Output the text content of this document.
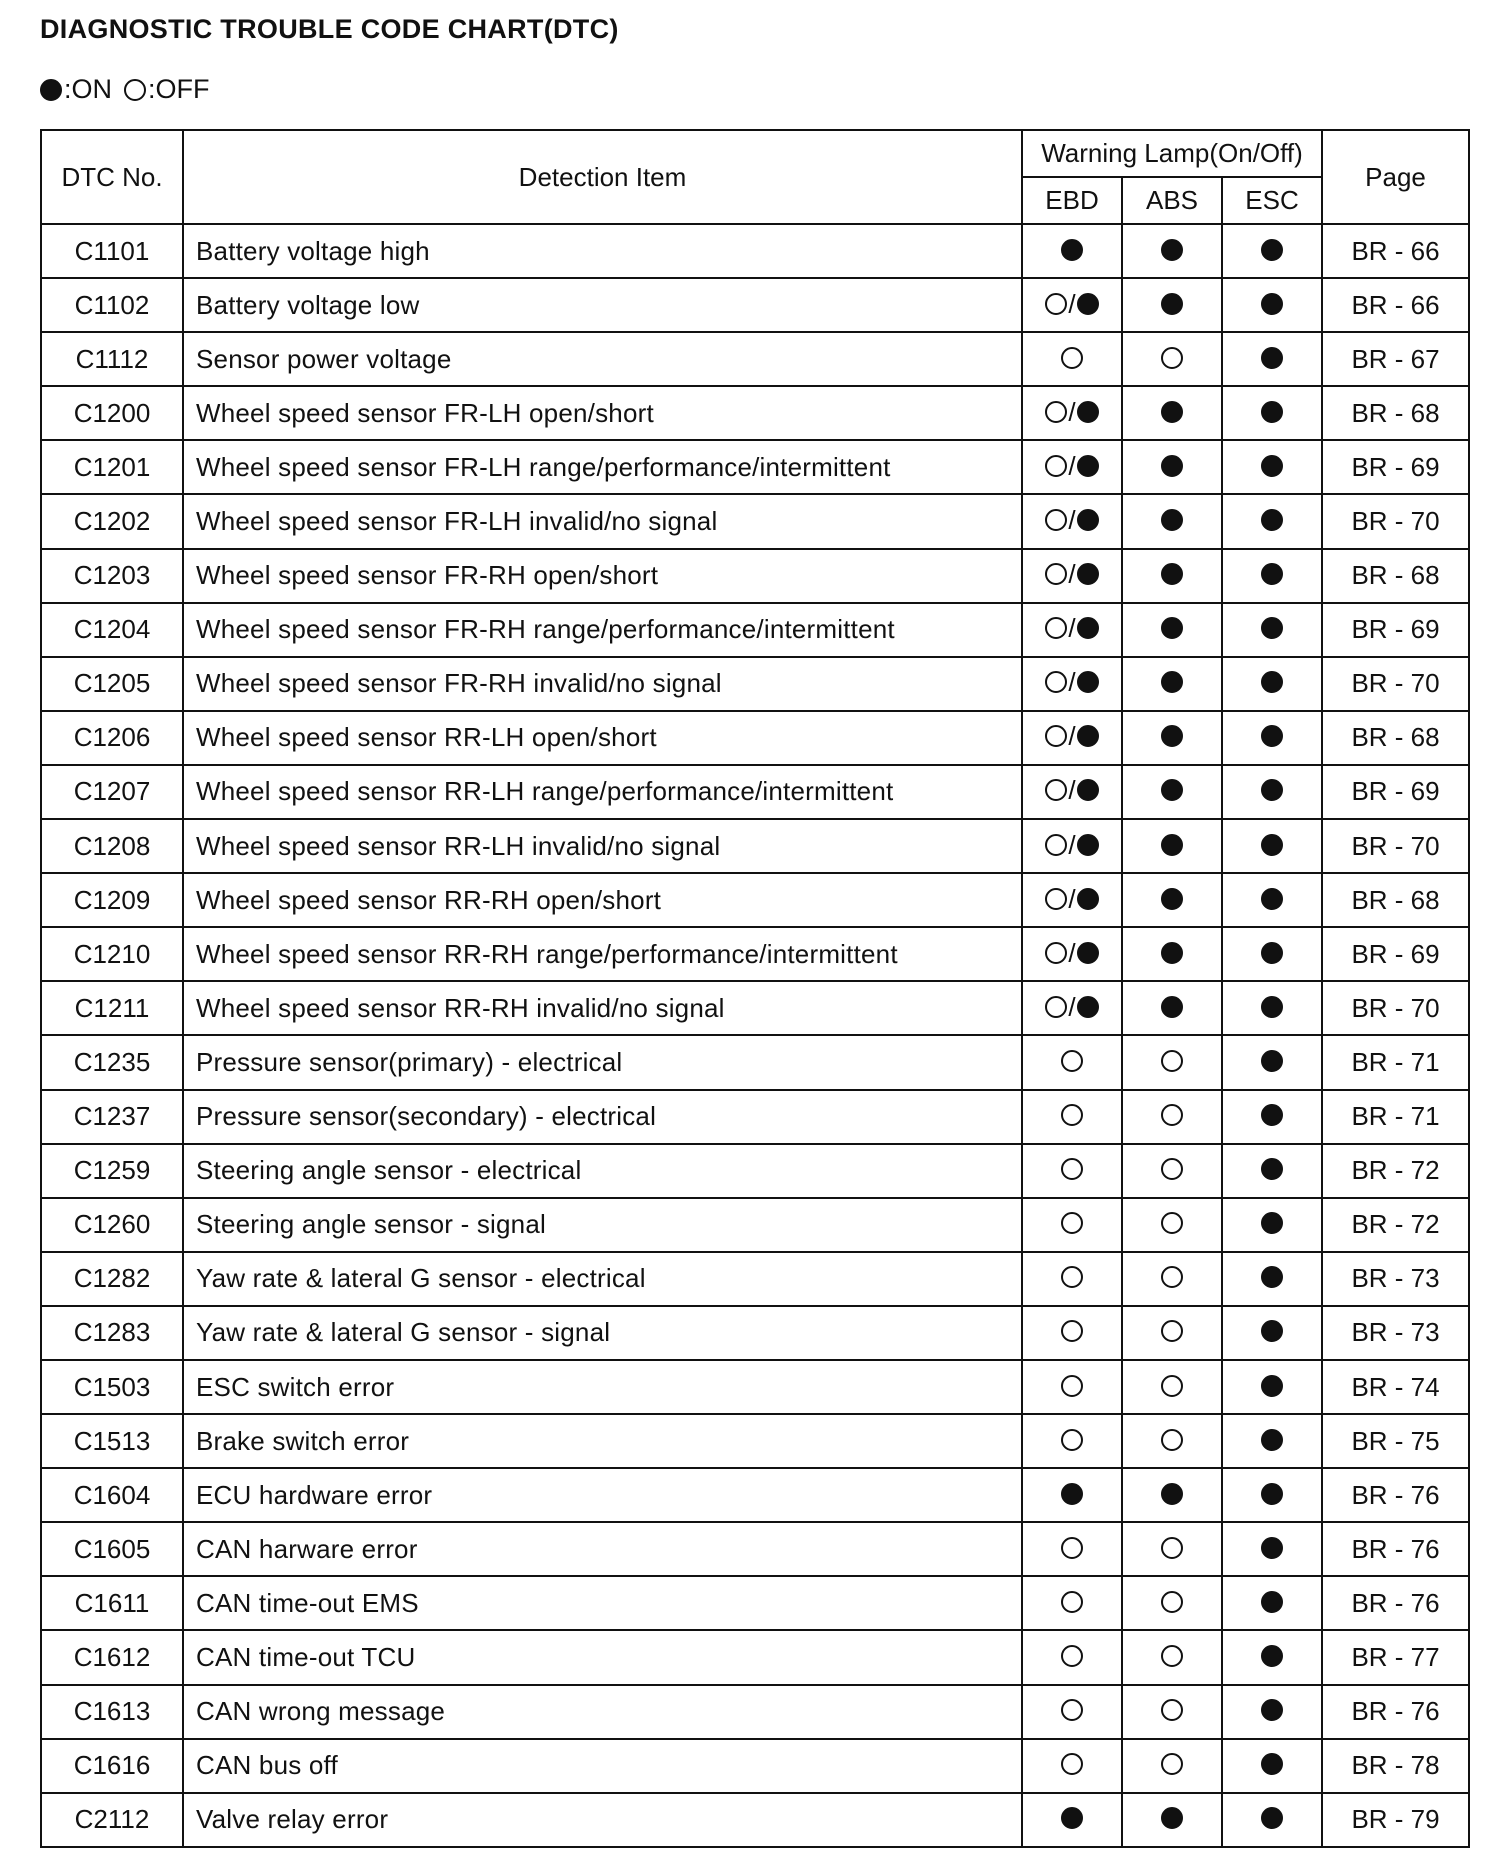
DIAGNOSTIC TROUBLE CODE CHART(DTC)
:ON :OFF
DTC No.	Detection Item	Warning Lamp(On/Off)			Page
		EBD	ABS	ESC	
C1101	Battery voltage high				BR - 66
C1102	Battery voltage low	/			BR - 66
C1112	Sensor power voltage				BR - 67
C1200	Wheel speed sensor FR-LH open/short	/			BR - 68
C1201	Wheel speed sensor FR-LH range/performance/intermittent	/			BR - 69
C1202	Wheel speed sensor FR-LH invalid/no signal	/			BR - 70
C1203	Wheel speed sensor FR-RH open/short	/			BR - 68
C1204	Wheel speed sensor FR-RH range/performance/intermittent	/			BR - 69
C1205	Wheel speed sensor FR-RH invalid/no signal	/			BR - 70
C1206	Wheel speed sensor RR-LH open/short	/			BR - 68
C1207	Wheel speed sensor RR-LH range/performance/intermittent	/			BR - 69
C1208	Wheel speed sensor RR-LH invalid/no signal	/			BR - 70
C1209	Wheel speed sensor RR-RH open/short	/			BR - 68
C1210	Wheel speed sensor RR-RH range/performance/intermittent	/			BR - 69
C1211	Wheel speed sensor RR-RH invalid/no signal	/			BR - 70
C1235	Pressure sensor(primary) - electrical				BR - 71
C1237	Pressure sensor(secondary) - electrical				BR - 71
C1259	Steering angle sensor - electrical				BR - 72
C1260	Steering angle sensor - signal				BR - 72
C1282	Yaw rate & lateral G sensor - electrical				BR - 73
C1283	Yaw rate & lateral G sensor - signal				BR - 73
C1503	ESC switch error				BR - 74
C1513	Brake switch error				BR - 75
C1604	ECU hardware error				BR - 76
C1605	CAN harware error				BR - 76
C1611	CAN time-out EMS				BR - 76
C1612	CAN time-out TCU				BR - 77
C1613	CAN wrong message				BR - 76
C1616	CAN bus off				BR - 78
C2112	Valve relay error				BR - 79
